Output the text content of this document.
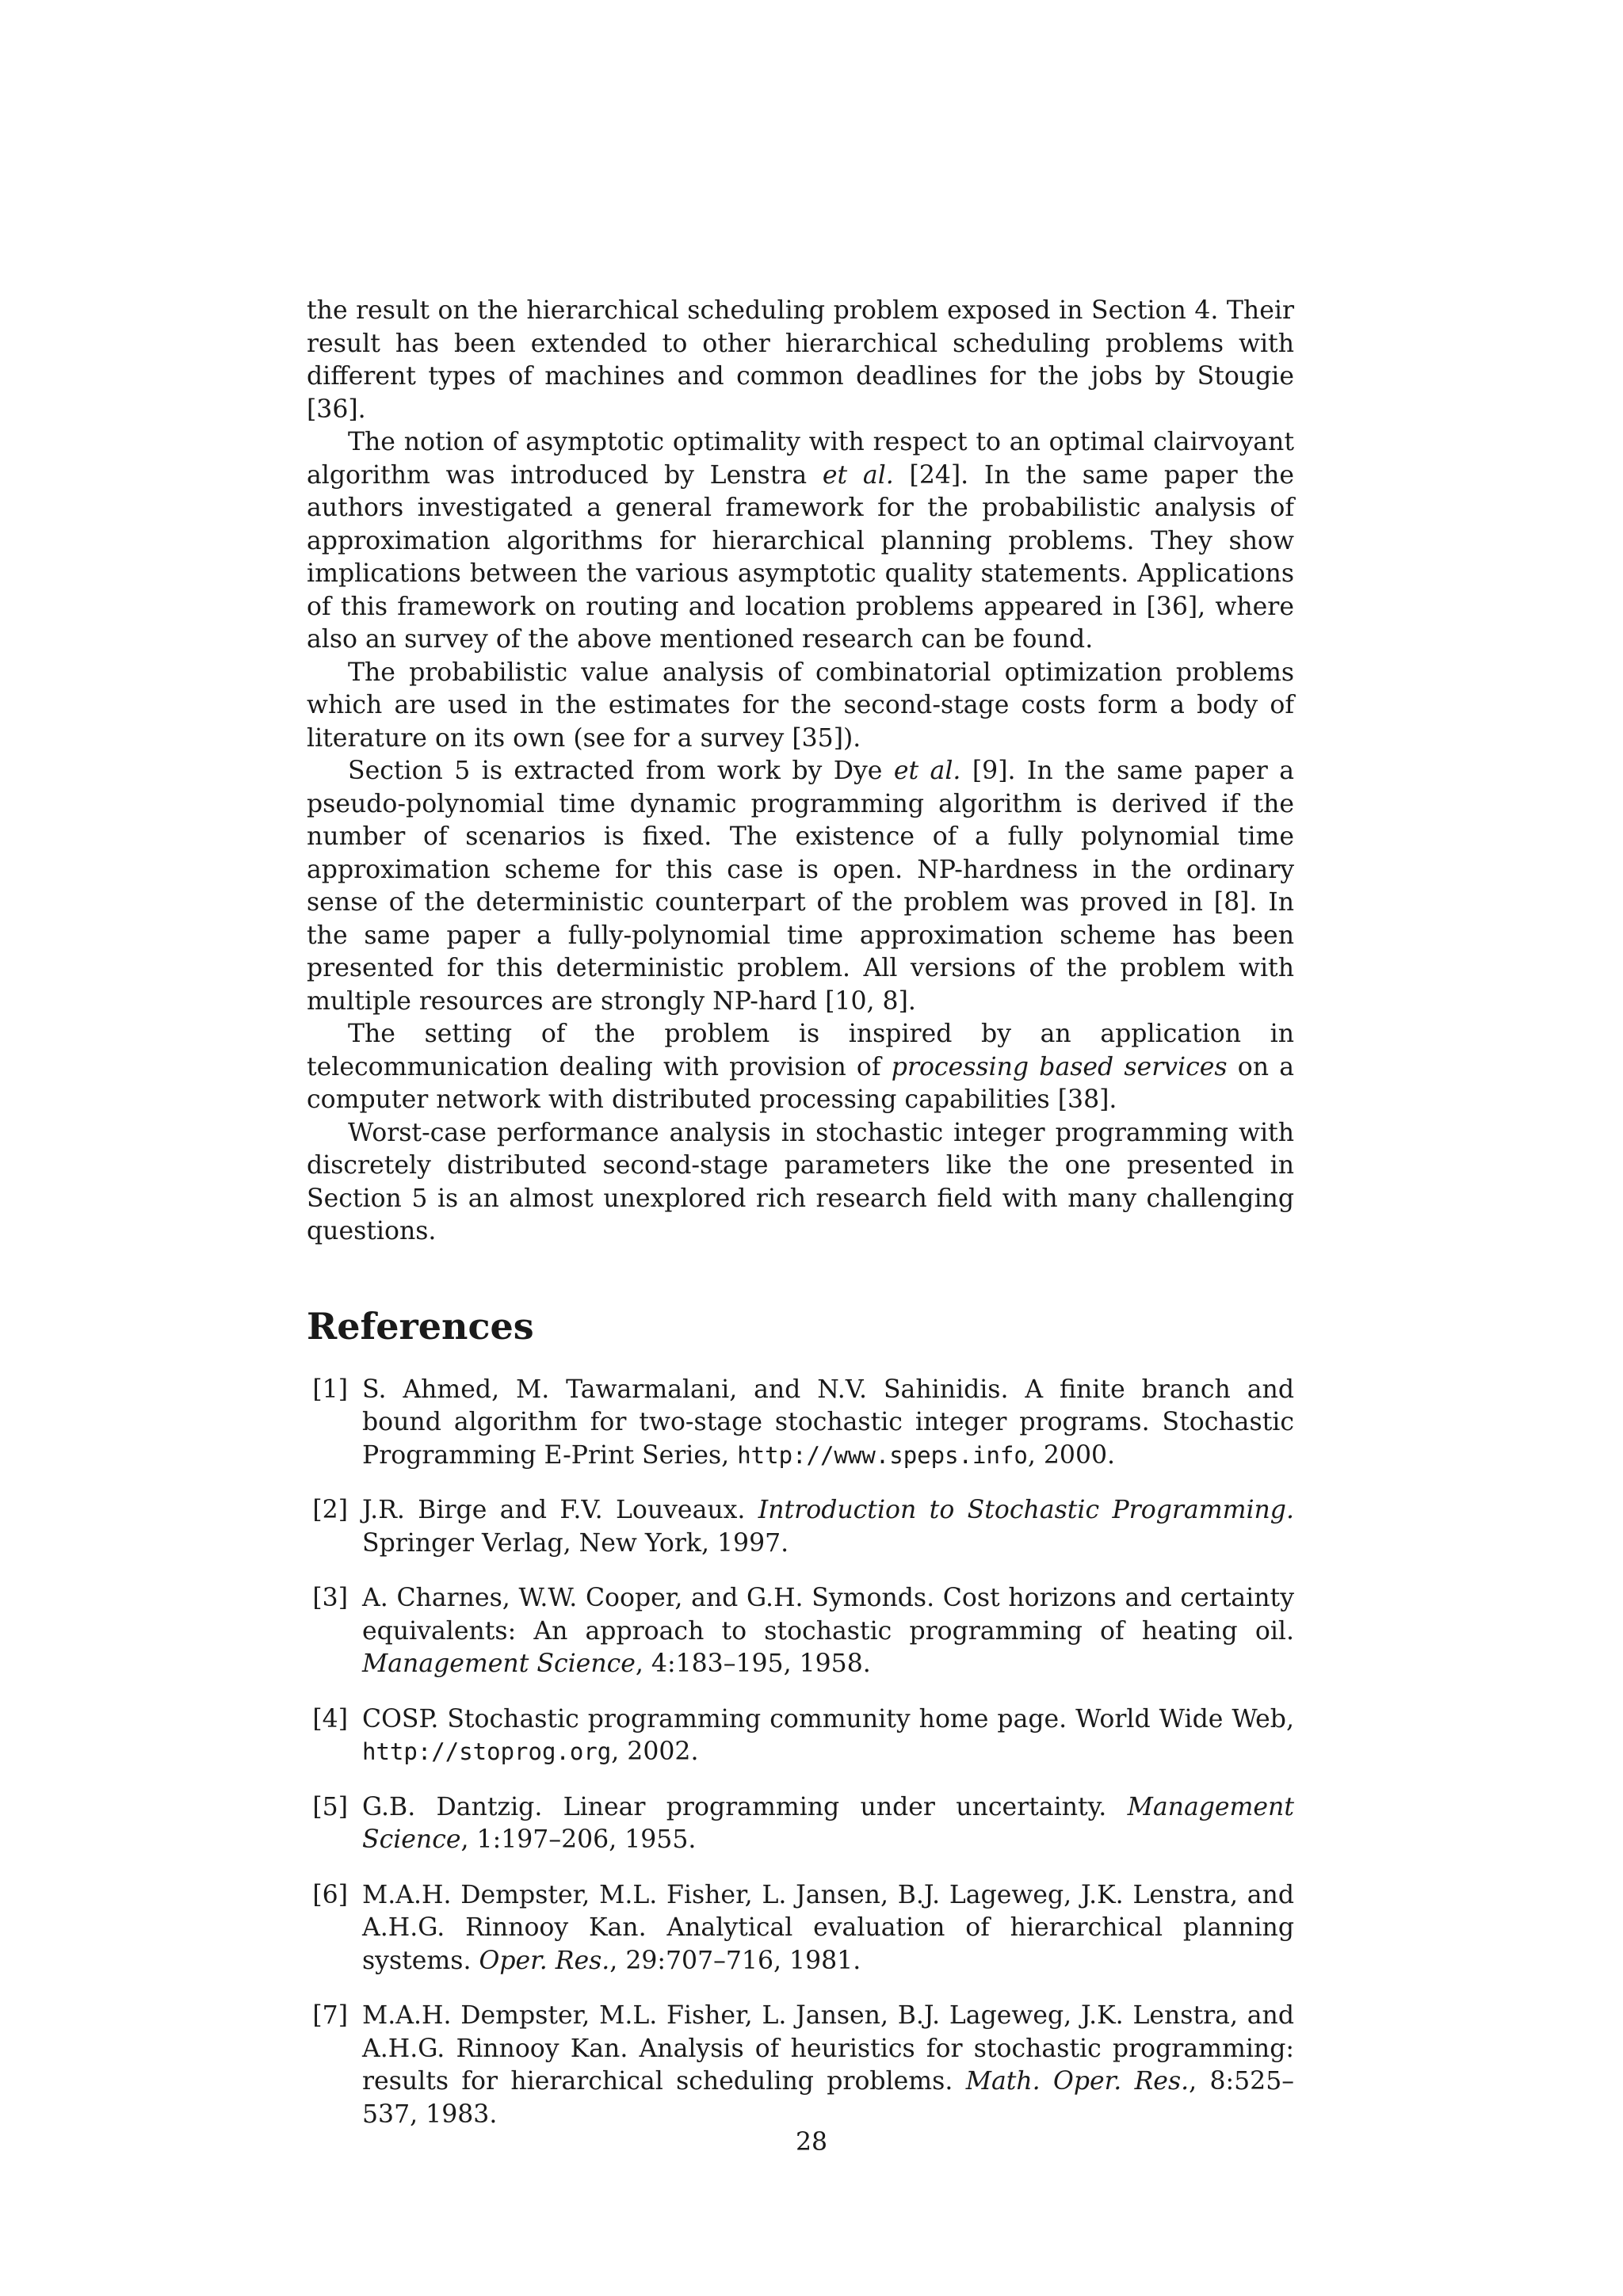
the result on the hierarchical scheduling problem exposed in Section 4. Their result has been extended to other hierarchical scheduling problems with different types of machines and common deadlines for the jobs by Stougie [36].

The notion of asymptotic optimality with respect to an optimal clairvoyant algorithm was introduced by Lenstra et al. [24]. In the same paper the authors investigated a general framework for the probabilistic analysis of approximation algorithms for hierarchical planning problems. They show implications between the various asymptotic quality statements. Applications of this framework on routing and location problems appeared in [36], where also an survey of the above mentioned research can be found.

The probabilistic value analysis of combinatorial optimization problems which are used in the estimates for the second-stage costs form a body of literature on its own (see for a survey [35]).

Section 5 is extracted from work by Dye et al. [9]. In the same paper a pseudo-polynomial time dynamic programming algorithm is derived if the number of scenarios is fixed. The existence of a fully polynomial time approximation scheme for this case is open. NP-hardness in the ordinary sense of the deterministic counterpart of the problem was proved in [8]. In the same paper a fully-polynomial time approximation scheme has been presented for this deterministic problem. All versions of the problem with multiple resources are strongly NP-hard [10, 8].

The setting of the problem is inspired by an application in telecommunication dealing with provision of processing based services on a computer network with distributed processing capabilities [38].

Worst-case performance analysis in stochastic integer programming with discretely distributed second-stage parameters like the one presented in Section 5 is an almost unexplored rich research field with many challenging questions.

References
[1] S. Ahmed, M. Tawarmalani, and N.V. Sahinidis. A finite branch and bound algorithm for two-stage stochastic integer programs. Stochastic Programming E-Print Series, http://www.speps.info, 2000.
[2] J.R. Birge and F.V. Louveaux. Introduction to Stochastic Programming. Springer Verlag, New York, 1997.
[3] A. Charnes, W.W. Cooper, and G.H. Symonds. Cost horizons and certainty equivalents: An approach to stochastic programming of heating oil. Management Science, 4:183–195, 1958.
[4] COSP. Stochastic programming community home page. World Wide Web, http://stoprog.org, 2002.
[5] G.B. Dantzig. Linear programming under uncertainty. Management Science, 1:197–206, 1955.
[6] M.A.H. Dempster, M.L. Fisher, L. Jansen, B.J. Lageweg, J.K. Lenstra, and A.H.G. Rinnooy Kan. Analytical evaluation of hierarchical planning systems. Oper. Res., 29:707–716, 1981.
[7] M.A.H. Dempster, M.L. Fisher, L. Jansen, B.J. Lageweg, J.K. Lenstra, and A.H.G. Rinnooy Kan. Analysis of heuristics for stochastic programming: results for hierarchical scheduling problems. Math. Oper. Res., 8:525–537, 1983.
28
